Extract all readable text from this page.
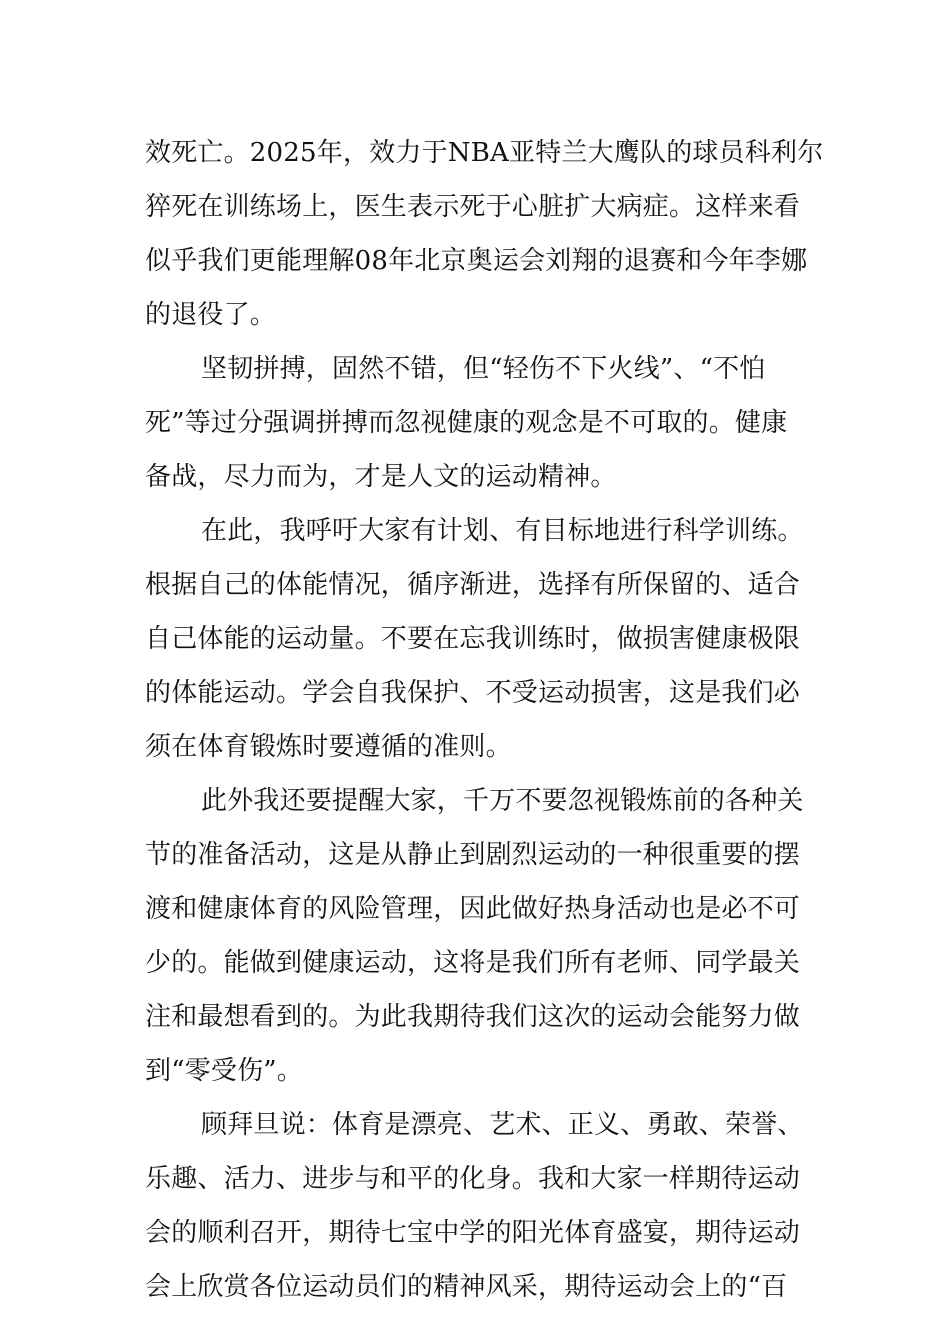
效死亡。2025年，效力于NBA亚特兰大鹰队的球员科利尔
猝死在训练场上，医生表示死于心脏扩大病症。这样来看
似乎我们更能理解08年北京奥运会刘翔的退赛和今年李娜
的退役了。
坚韧拼搏，固然不错，但“轻伤不下火线”、“不怕
死”等过分强调拼搏而忽视健康的观念是不可取的。健康
备战，尽力而为，才是人文的运动精神。
在此，我呼吁大家有计划、有目标地进行科学训练。
根据自己的体能情况，循序渐进，选择有所保留的、适合
自己体能的运动量。不要在忘我训练时，做损害健康极限
的体能运动。学会自我保护、不受运动损害，这是我们必
须在体育锻炼时要遵循的准则。
此外我还要提醒大家，千万不要忽视锻炼前的各种关
节的准备活动，这是从静止到剧烈运动的一种很重要的摆
渡和健康体育的风险管理，因此做好热身活动也是必不可
少的。能做到健康运动，这将是我们所有老师、同学最关
注和最想看到的。为此我期待我们这次的运动会能努力做
到“零受伤”。
顾拜旦说：体育是漂亮、艺术、正义、勇敢、荣誉、
乐趣、活力、进步与和平的化身。我和大家一样期待运动
会的顺利召开，期待七宝中学的阳光体育盛宴，期待运动
会上欣赏各位运动员们的精神风采，期待运动会上的“百
